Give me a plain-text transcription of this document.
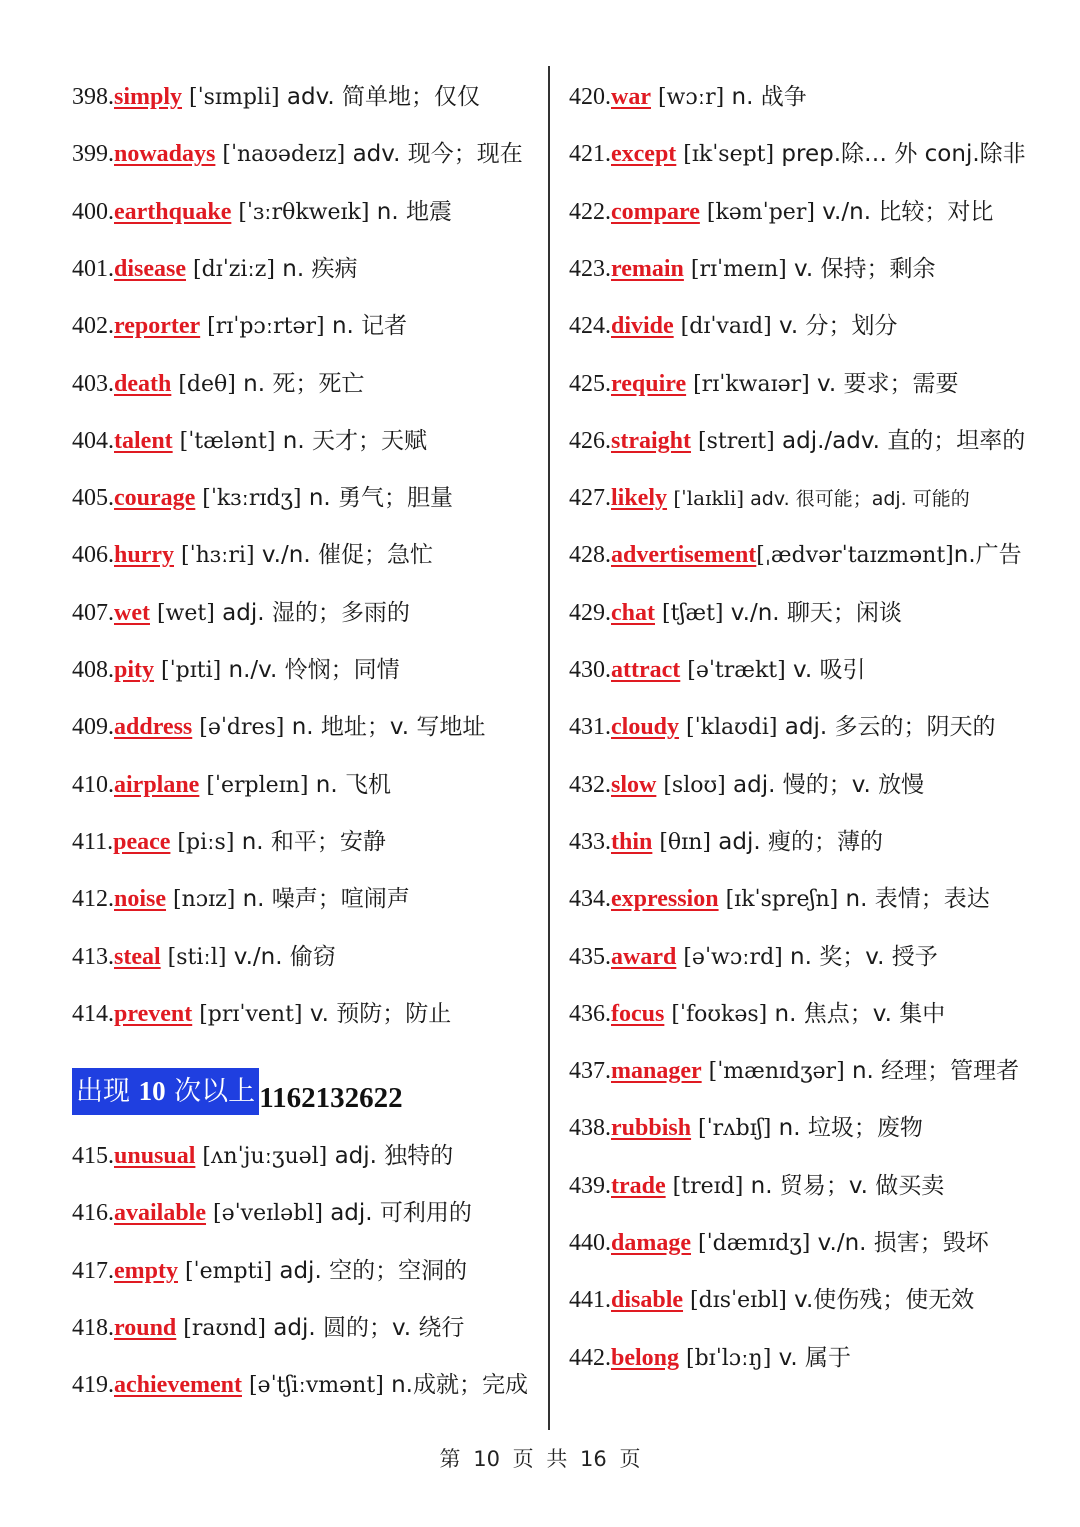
398.simply [ˈsɪmpli] adv. 简单地；仅仅
399.nowadays [ˈnaʊədeɪz] adv. 现今；现在
400.earthquake [ˈɜːrθkweɪk] n. 地震
401.disease [dɪˈziːz] n. 疾病
402.reporter [rɪˈpɔːrtər] n. 记者
403.death [deθ] n. 死；死亡
404.talent [ˈtælənt] n. 天才；天赋
405.courage [ˈkɜːrɪdʒ] n. 勇气；胆量
406.hurry [ˈhɜːri] v./n. 催促；急忙
407.wet [wet] adj. 湿的；多雨的
408.pity [ˈpɪti] n./v. 怜悯；同情
409.address [əˈdres] n. 地址；v. 写地址
410.airplane [ˈerpleɪn] n. 飞机
411.peace [piːs] n. 和平；安静
412.noise [nɔɪz] n. 噪声；喧闹声
413.steal [stiːl] v./n. 偷窃
414.prevent [prɪˈvent] v. 预防；防止
415.unusual [ʌnˈjuːʒuəl] adj. 独特的
416.available [əˈveɪləbl] adj. 可利用的
417.empty [ˈempti] adj. 空的；空洞的
418.round [raʊnd] adj. 圆的；v. 绕行
419.achievement [əˈtʃiːvmənt] n.成就；完成
420.war [wɔːr] n. 战争
421.except [ɪkˈsept] prep.除… 外 conj.除非
422.compare [kəmˈper] v./n. 比较；对比
423.remain [rɪˈmeɪn] v. 保持；剩余
424.divide [dɪˈvaɪd] v. 分；划分
425.require [rɪˈkwaɪər] v. 要求；需要
426.straight [streɪt] adj./adv. 直的；坦率的
427.likely [ˈlaɪkli] adv. 很可能；adj. 可能的
428.advertisement[ˌædvərˈtaɪzmənt]n.广告
429.chat [tʃæt] v./n. 聊天；闲谈
430.attract [əˈtrækt] v. 吸引
431.cloudy [ˈklaʊdi] adj. 多云的；阴天的
432.slow [sloʊ] adj. 慢的；v. 放慢
433.thin [θɪn] adj. 瘦的；薄的
434.expression [ɪkˈspreʃn] n. 表情；表达
435.award [əˈwɔːrd] n. 奖；v. 授予
436.focus [ˈfoʊkəs] n. 焦点；v. 集中
437.manager [ˈmænɪdʒər] n. 经理；管理者
438.rubbish [ˈrʌbɪʃ] n. 垃圾；废物
439.trade [treɪd] n. 贸易；v. 做买卖
440.damage [ˈdæmɪdʒ] v./n. 损害；毁坏
441.disable [dɪsˈeɪbl] v.使伤残；使无效
442.belong [bɪˈlɔːŋ] v. 属于
出现 10 次以上 1162132622
第 10 页 共 16 页
